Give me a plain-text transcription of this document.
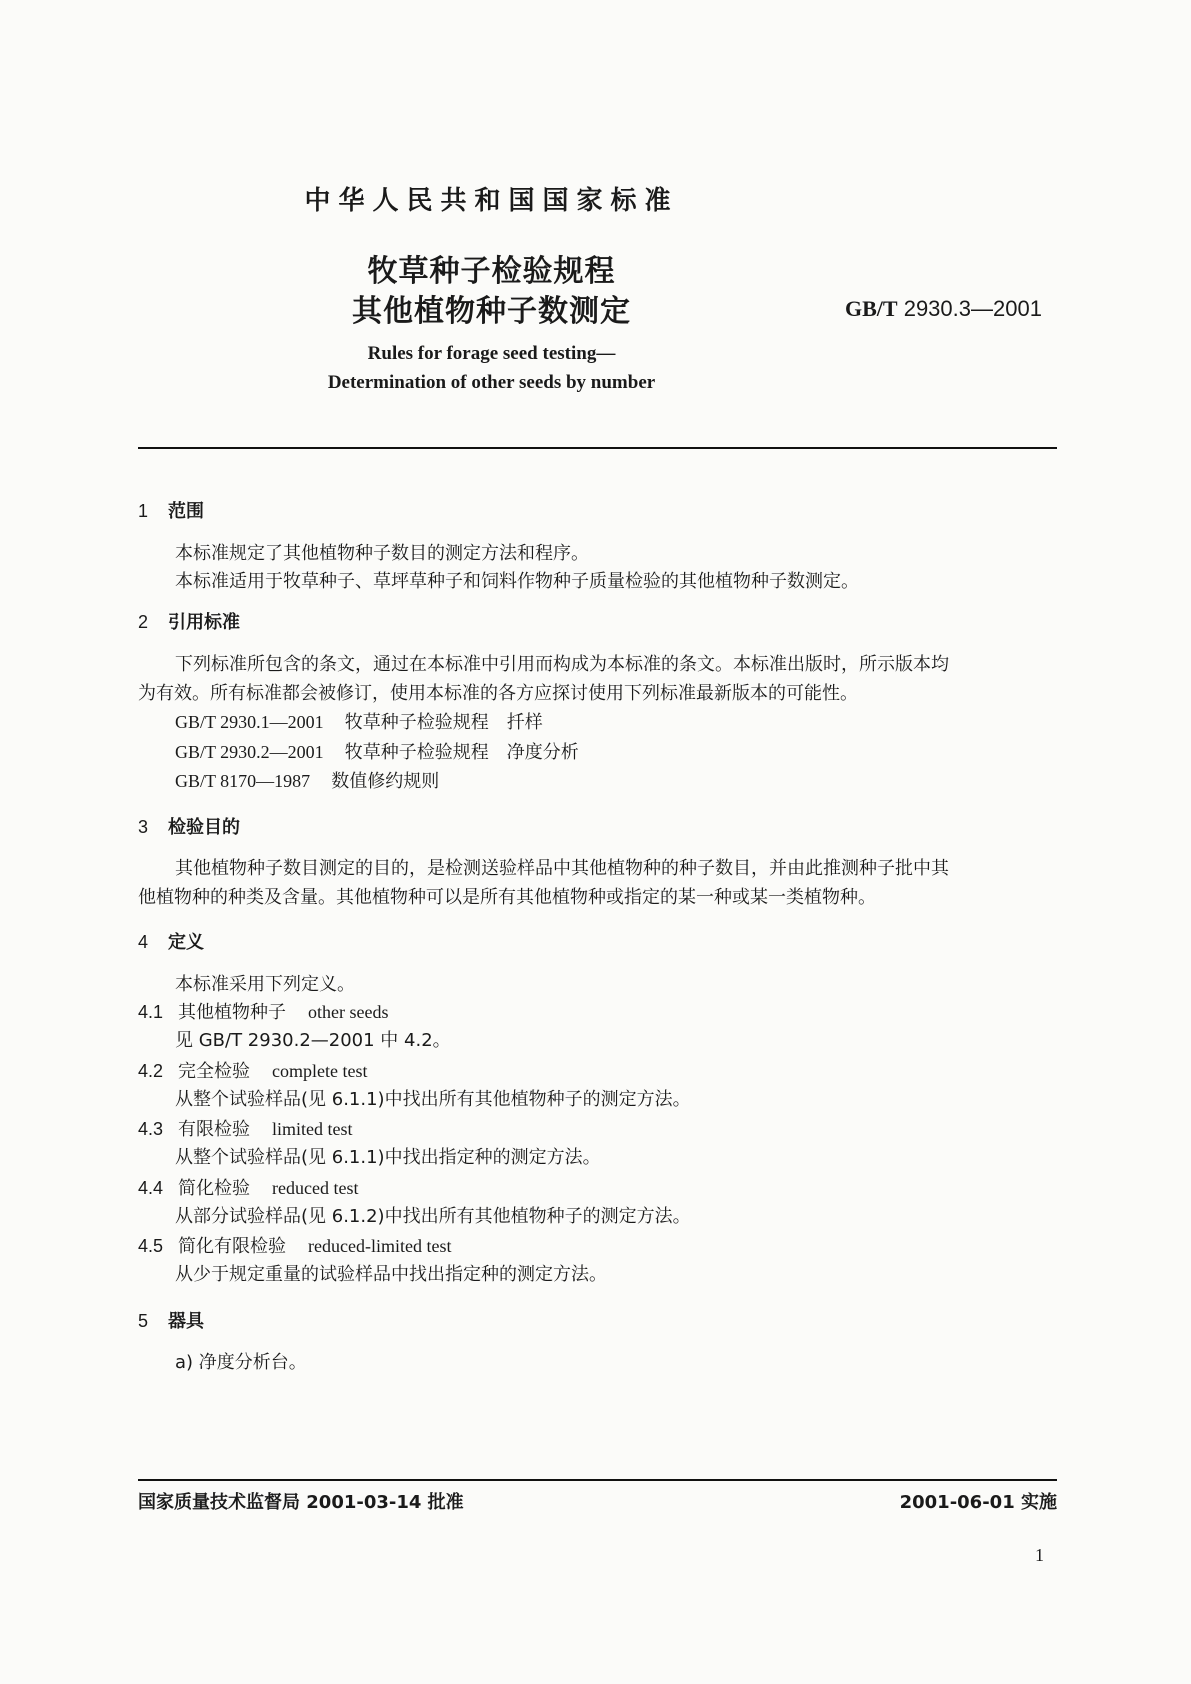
中华人民共和国国家标准
牧草种子检验规程
其他植物种子数测定	GB/T 2930.3—2001
Rules for forage seed testing—
Determination of other seeds by number
1 范围
本标准规定了其他植物种子数目的测定方法和程序。
本标准适用于牧草种子、草坪草种子和饲料作物种子质量检验的其他植物种子数测定。
2 引用标准
下列标准所包含的条文，通过在本标准中引用而构成为本标准的条文。本标准出版时，所示版本均
为有效。所有标准都会被修订，使用本标准的各方应探讨使用下列标准最新版本的可能性。
GB/T 2930.1—2001 牧草种子检验规程　扦样
GB/T 2930.2—2001 牧草种子检验规程　净度分析
GB/T 8170—1987 数值修约规则
3 检验目的
其他植物种子数目测定的目的，是检测送验样品中其他植物种的种子数目，并由此推测种子批中其
他植物种的种类及含量。其他植物种可以是所有其他植物种或指定的某一种或某一类植物种。
4 定义
本标准采用下列定义。
4.1 其他植物种子 other seeds
见 GB/T 2930.2—2001 中 4.2。
4.2 完全检验 complete test
从整个试验样品(见 6.1.1)中找出所有其他植物种子的测定方法。
4.3 有限检验 limited test
从整个试验样品(见 6.1.1)中找出指定种的测定方法。
4.4 简化检验 reduced test
从部分试验样品(见 6.1.2)中找出所有其他植物种子的测定方法。
4.5 简化有限检验 reduced-limited test
从少于规定重量的试验样品中找出指定种的测定方法。
5 器具
a) 净度分析台。
国家质量技术监督局 2001-03-14 批准	2001-06-01 实施
1
